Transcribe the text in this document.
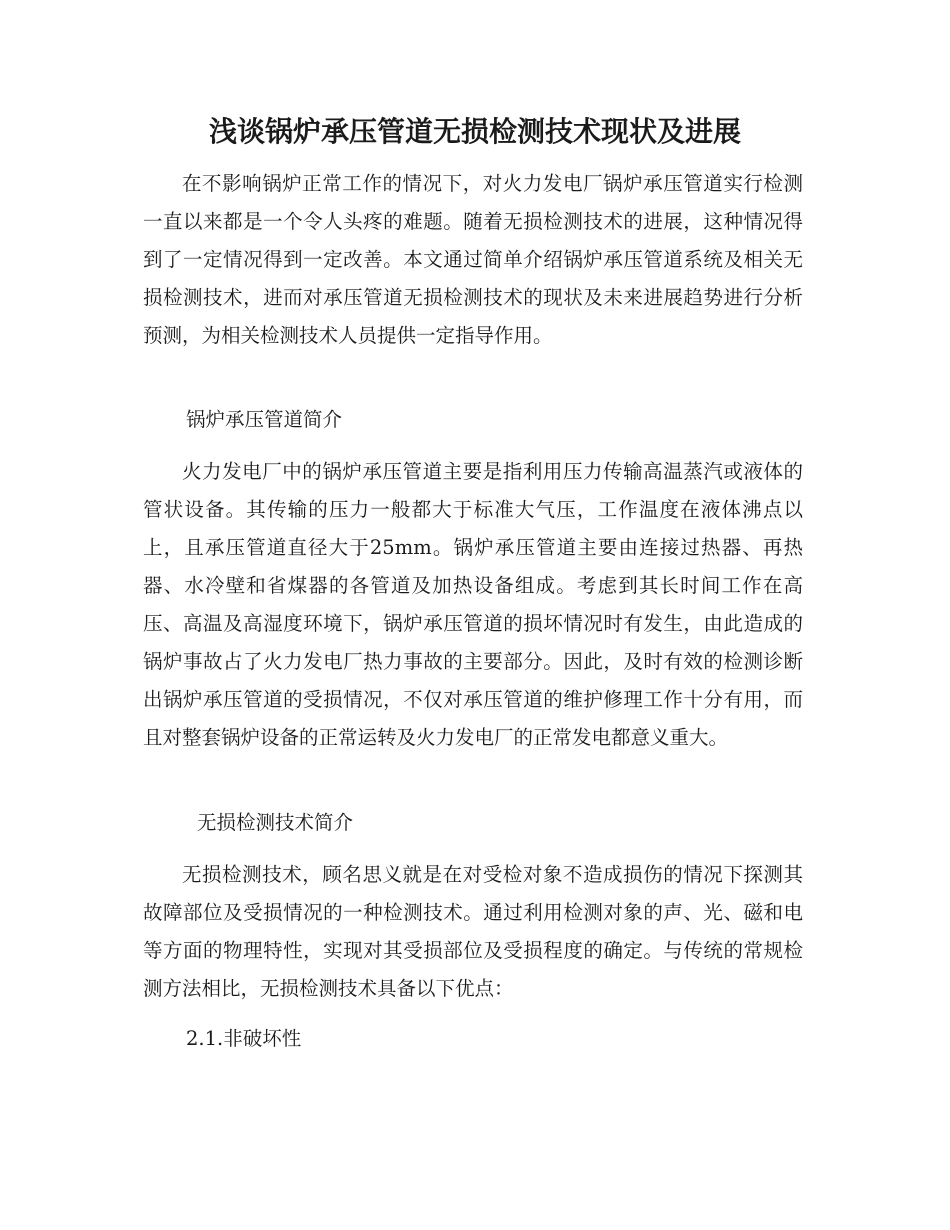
浅谈锅炉承压管道无损检测技术现状及进展
在不影响锅炉正常工作的情况下，对火力发电厂锅炉承压管道实行检测一直以来都是一个令人头疼的难题。随着无损检测技术的进展，这种情况得到了一定情况得到一定改善。本文通过简单介绍锅炉承压管道系统及相关无损检测技术，进而对承压管道无损检测技术的现状及未来进展趋势进行分析预测，为相关检测技术人员提供一定指导作用。
锅炉承压管道简介
火力发电厂中的锅炉承压管道主要是指利用压力传输高温蒸汽或液体的管状设备。其传输的压力一般都大于标准大气压，工作温度在液体沸点以上，且承压管道直径大于25mm。锅炉承压管道主要由连接过热器、再热器、水冷壁和省煤器的各管道及加热设备组成。考虑到其长时间工作在高压、高温及高湿度环境下，锅炉承压管道的损坏情况时有发生，由此造成的锅炉事故占了火力发电厂热力事故的主要部分。因此，及时有效的检测诊断出锅炉承压管道的受损情况，不仅对承压管道的维护修理工作十分有用，而且对整套锅炉设备的正常运转及火力发电厂的正常发电都意义重大。
无损检测技术简介
无损检测技术，顾名思义就是在对受检对象不造成损伤的情况下探测其故障部位及受损情况的一种检测技术。通过利用检测对象的声、光、磁和电等方面的物理特性，实现对其受损部位及受损程度的确定。与传统的常规检测方法相比，无损检测技术具备以下优点：
2.1.非破坏性
